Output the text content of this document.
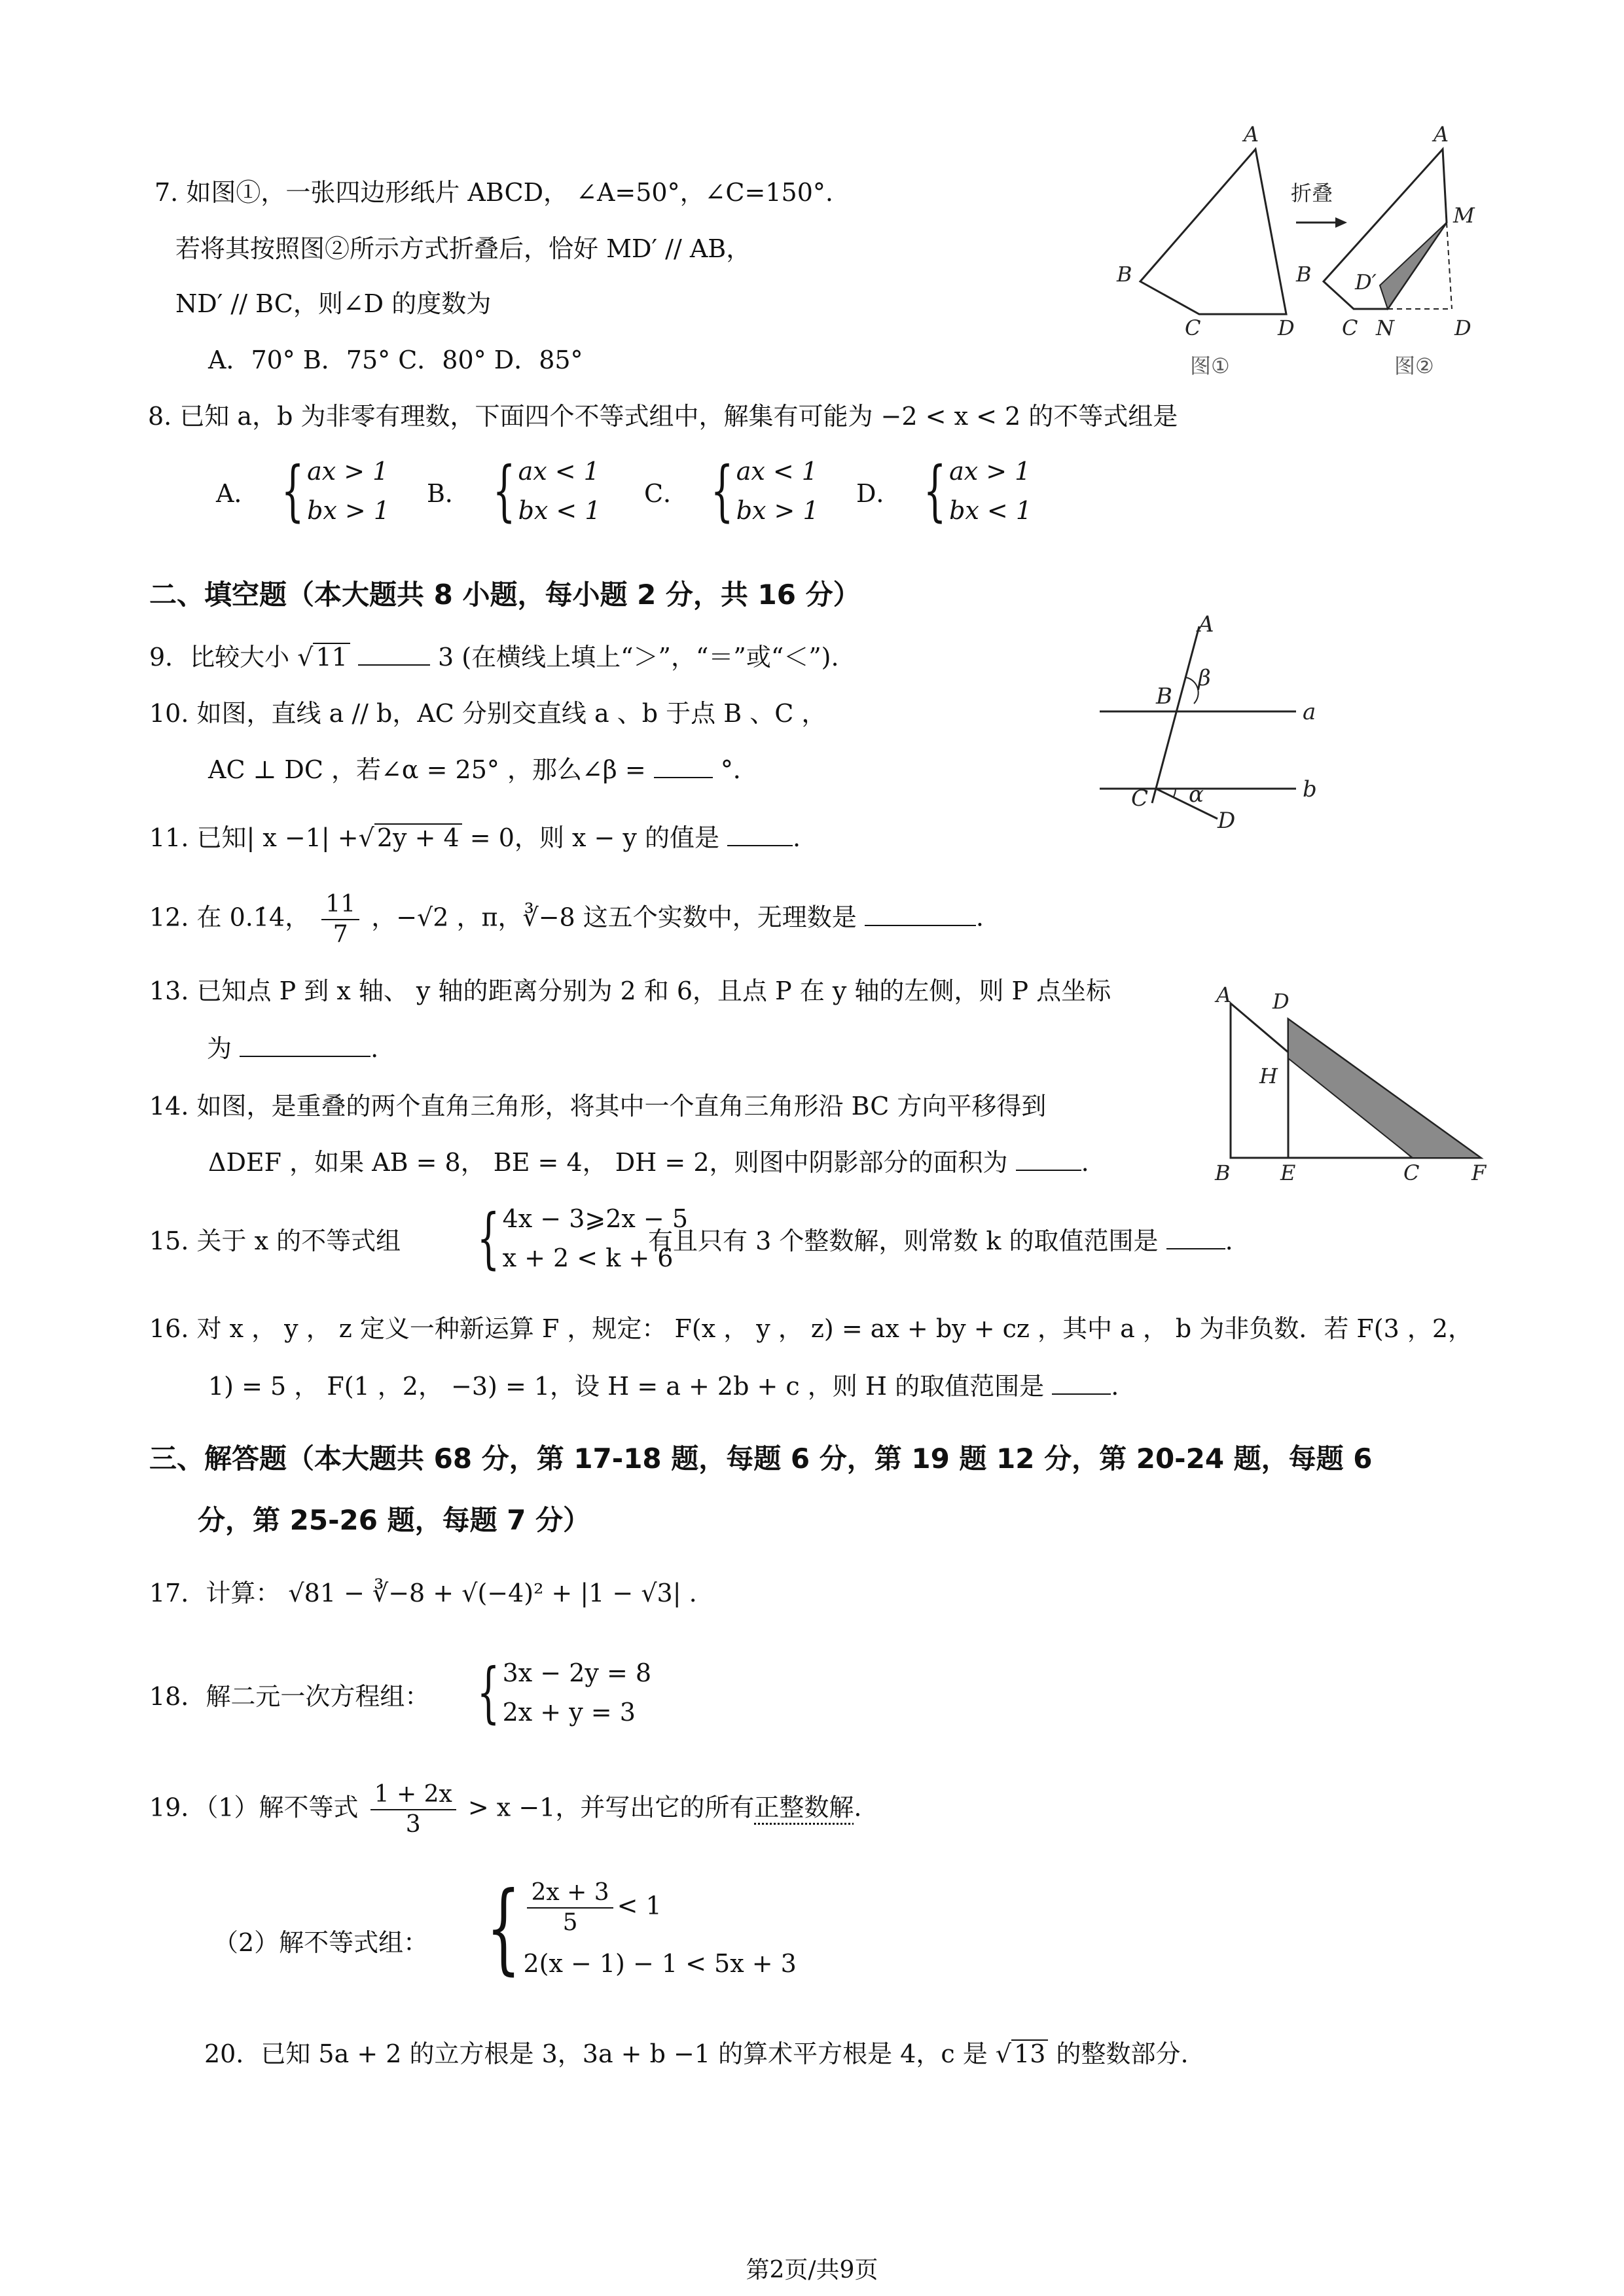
7. 如图①，一张四边形纸片 ABCD， ∠A=50°，∠C=150°.
若将其按照图②所示方式折叠后，恰好 MD′ // AB，
ND′ // BC，则∠D 的度数为
A．70° B．75° C．80° D．85°
A
B
C	D
A
B
C N	D
M
D′
折叠
图①	图②
8. 已知 a，b 为非零有理数，下面四个不等式组中，解集有可能为 −2 < x < 2 的不等式组是
A． { ax > 1
bx > 1
B． { ax < 1
bx < 1
C． { ax < 1
bx > 1
D． { ax > 1
bx < 1
二、填空题（本大题共 8 小题，每小题 2 分，共 16 分）
9．比较大小 √ 11	3 (在横线上填上“＞”，“＝”或“＜”).
10. 如图，直线 a // b，AC 分别交直线 a 、b 于点 B 、C ，
AC ⊥ DC ，若∠α = 25° ，那么∠β =	°．
A
B
C
D
a
b
α
β
11. 已知| x −1| +√ 2y + 4 = 0，则 x − y 的值是	.
12. 在 0.1̇4̇， $\frac{11}{7}$ ，−√2 ，π，∛−8 这五个实数中，无理数是	.
13. 已知点 P 到 x 轴、 y 轴的距离分别为 2 和 6，且点 P 在 y 轴的左侧，则 P 点坐标
为	.
14. 如图，是重叠的两个直角三角形，将其中一个直角三角形沿 BC 方向平移得到
ΔDEF ，如果 AB = 8， BE = 4， DH = 2，则图中阴影部分的面积为	.
A D
H
B E	C F
15. 关于 x 的不等式组 { 4x − 3⩾2x − 5
x + 2 < k + 6
有且只有 3 个整数解，则常数 k 的取值范围是	.
16. 对 x ， y ， z 定义一种新运算 F ，规定： F(x ， y ， z) = ax + by + cz ，其中 a ， b 为非负数．若 F(3 ，2，
1) = 5 ， F(1 ，2， −3) = 1，设 H = a + 2b + c ，则 H 的取值范围是	.
三、解答题（本大题共 68 分，第 17-18 题，每题 6 分，第 19 题 12 分，第 20-24 题，每题 6
分，第 25-26 题，每题 7 分）
17．计算： √81 − ∛−8 + √(−4)² + |1 − √3| .
18．解二元一次方程组： { 3x − 2y = 8
2x + y = 3
19．（1）解不等式 $\frac{1 + 2x}{3} > x -1$，并写出它的所有正整数解.
（2）解不等式组： { $\frac{2x + 3}{5} < 1$
2(x − 1) − 1 < 5x + 3
20．已知 5a + 2 的立方根是 3，3a + b −1 的算术平方根是 4，c 是 √ 13 的整数部分.
第2页/共9页
